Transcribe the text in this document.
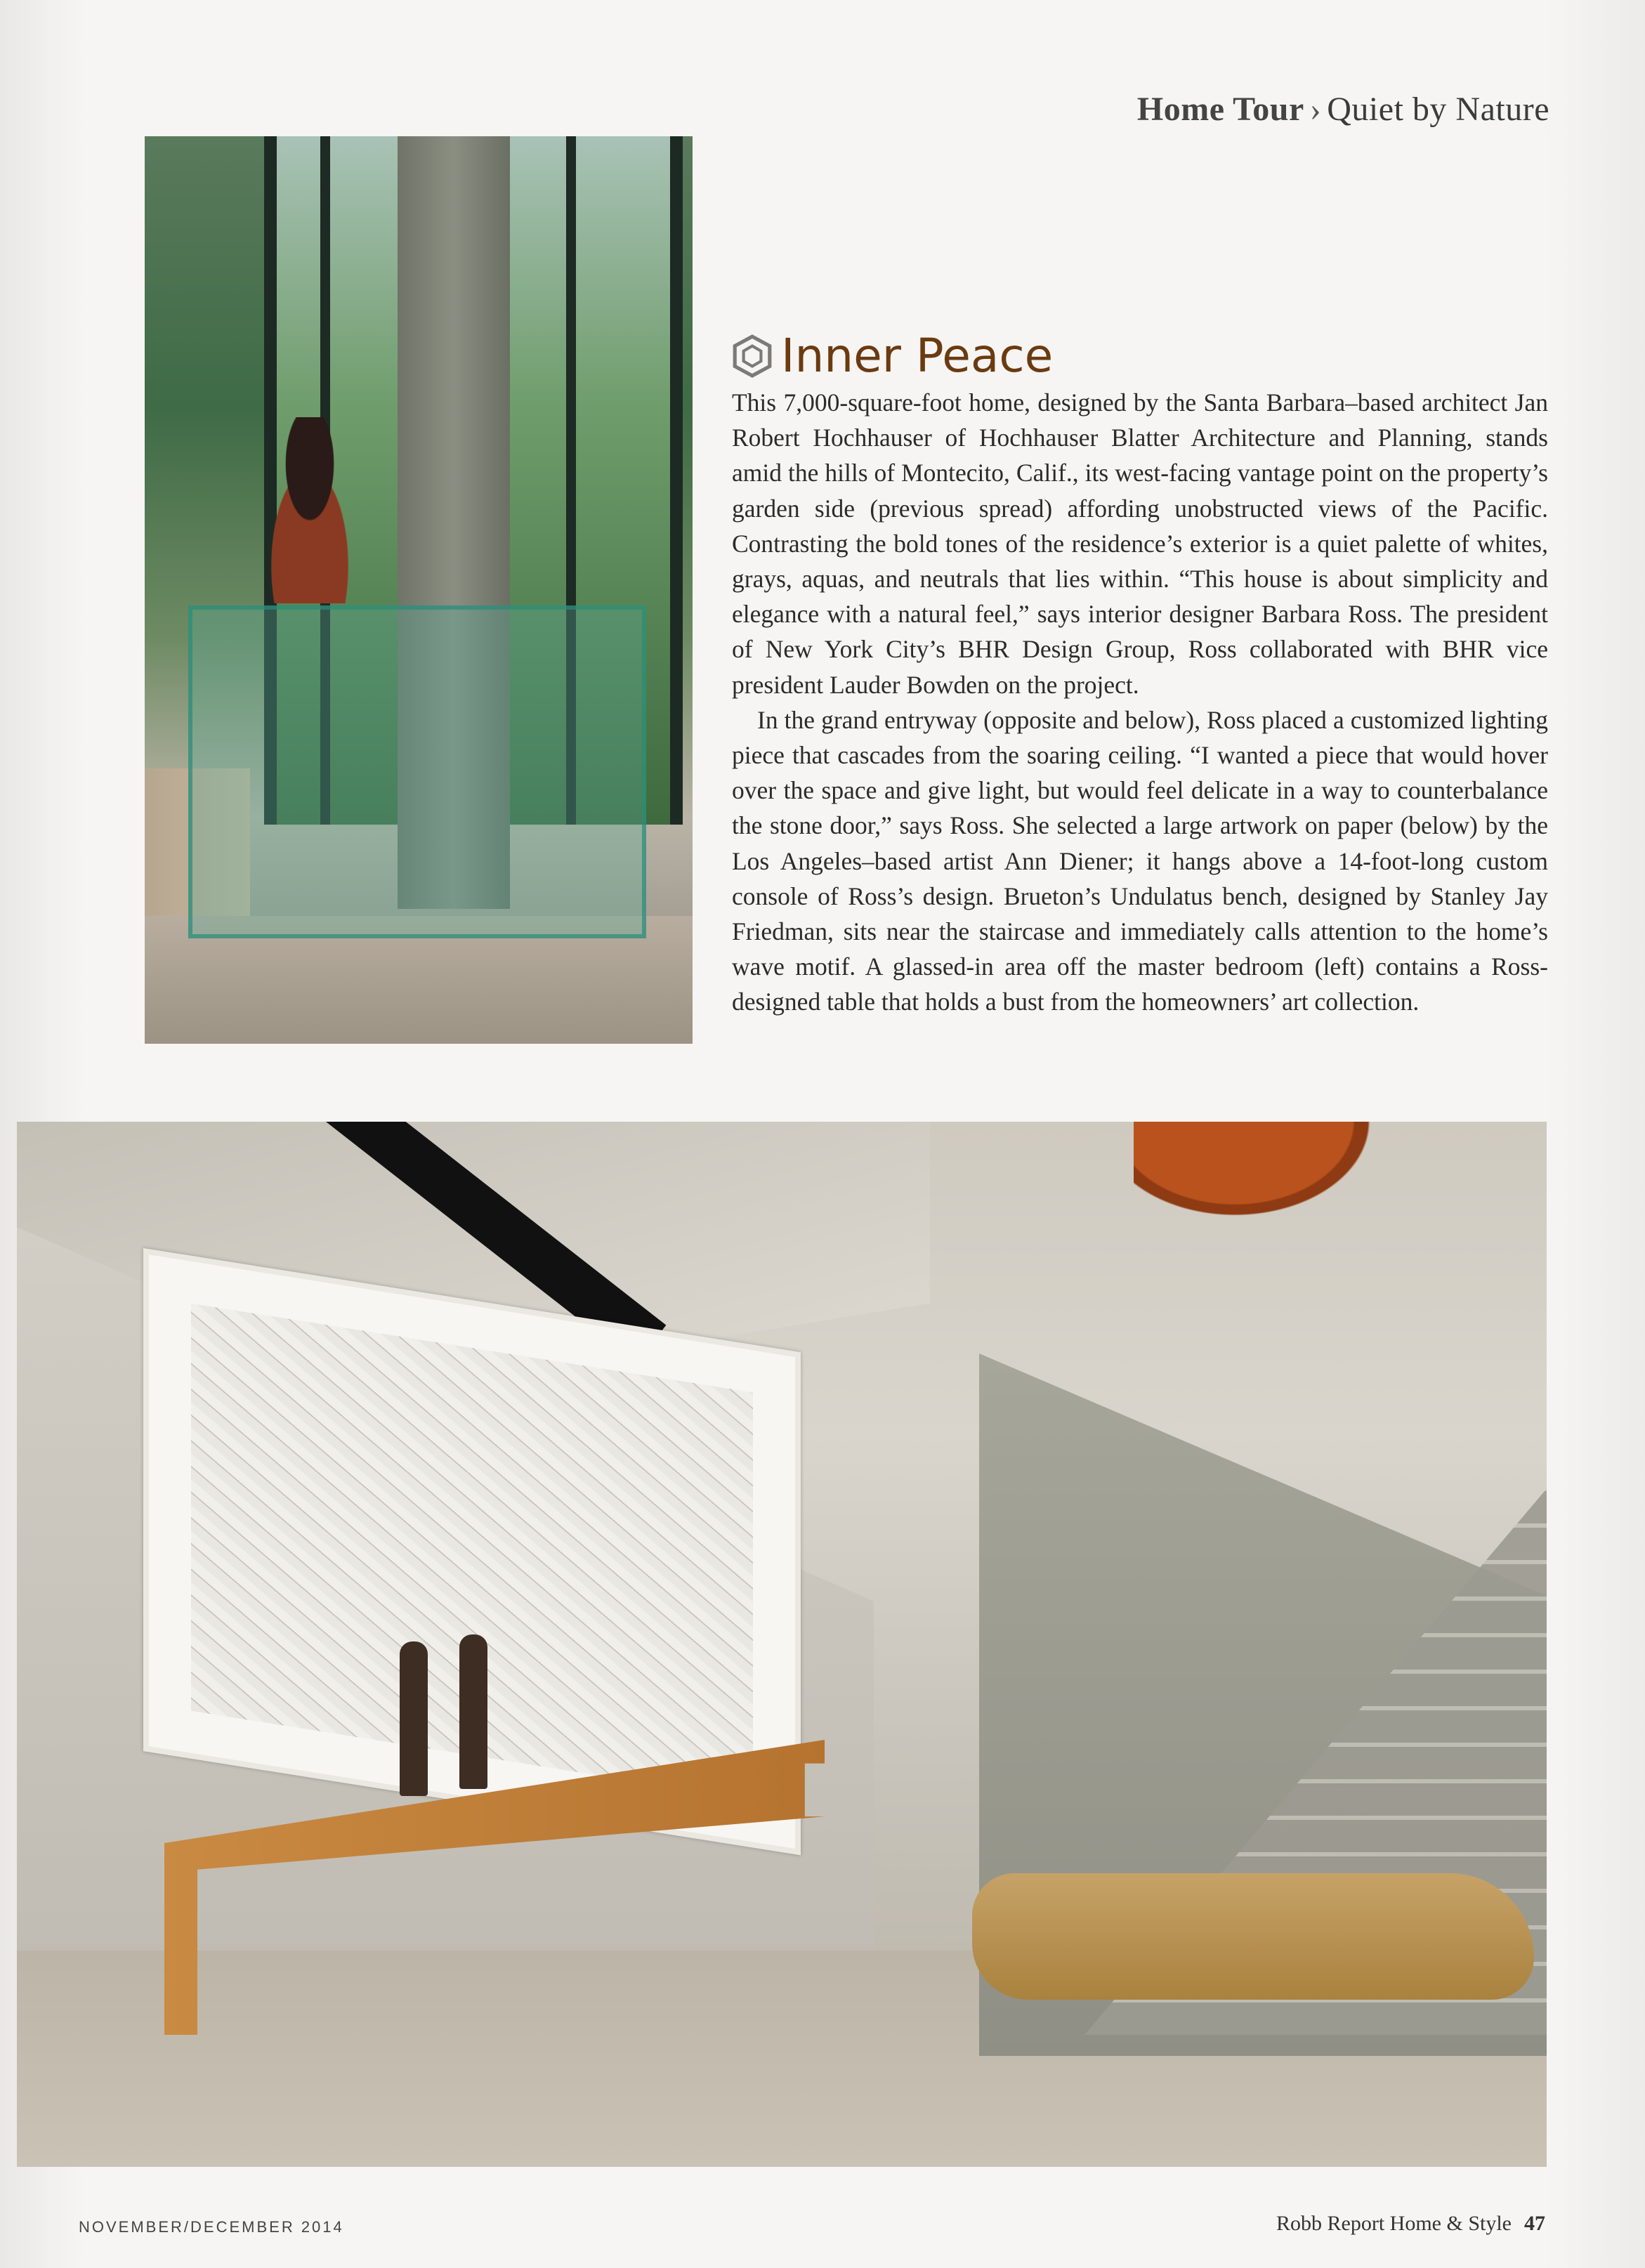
Home Tour › Quiet by Nature
Inner Peace

This 7,000-square-foot home, designed by the Santa Barbara–based architect Jan Robert Hochhauser of Hochhauser Blatter Architecture and Planning, stands amid the hills of Montecito, Calif., its west-facing vantage point on the property’s garden side (previous spread) affording unobstructed views of the Pacific. Contrasting the bold tones of the residence’s exterior is a quiet palette of whites, grays, aquas, and neutrals that lies within. “This house is about simplicity and elegance with a natural feel,” says interior designer Barbara Ross. The president of New York City’s BHR Design Group, Ross collaborated with BHR vice president Lauder Bowden on the project.

In the grand entryway (opposite and below), Ross placed a customized lighting piece that cascades from the soaring ceiling. “I wanted a piece that would hover over the space and give light, but would feel delicate in a way to counterbalance the stone door,” says Ross. She selected a large artwork on paper (below) by the Los Angeles–based artist Ann Diener; it hangs above a 14-foot-long custom console of Ross’s design. Brueton’s Undulatus bench, designed by Stanley Jay Friedman, sits near the staircase and immediately calls attention to the home’s wave motif. A glassed-in area off the master bedroom (left) contains a Ross-designed table that holds a bust from the homeowners’ art collection.

NOVEMBER/DECEMBER 2014	Robb Report Home & Style 47
